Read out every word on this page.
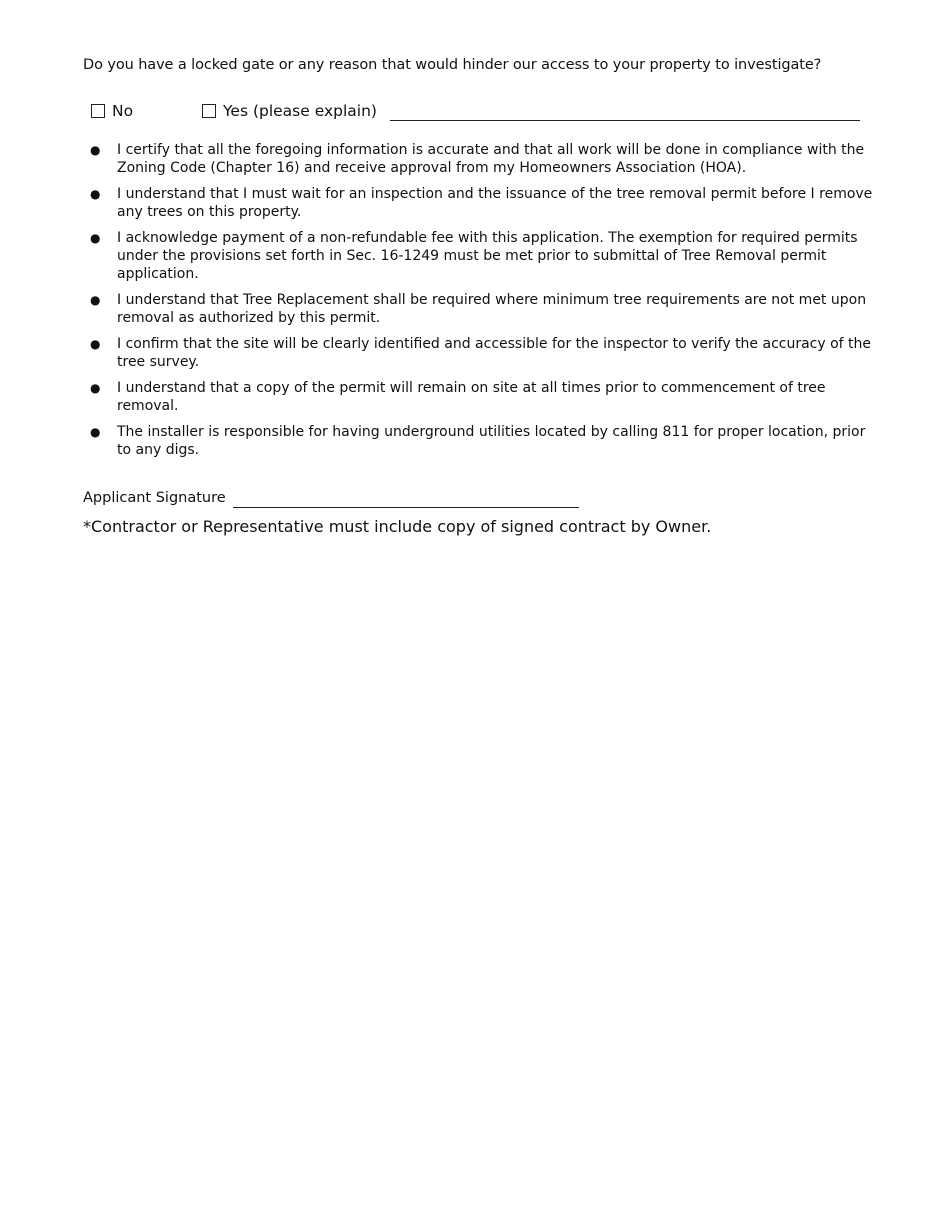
Do you have a locked gate or any reason that would hinder our access to your property to investigate?
No	Yes (please explain)
● I certify that all the foregoing information is accurate and that all work will be done in compliance with the Zoning Code (Chapter 16) and receive approval from my Homeowners Association (HOA).
● I understand that I must wait for an inspection and the issuance of the tree removal permit before I remove any trees on this property.
● I acknowledge payment of a non-refundable fee with this application. The exemption for required permits under the provisions set forth in Sec. 16-1249 must be met prior to submittal of Tree Removal permit application.
● I understand that Tree Replacement shall be required where minimum tree requirements are not met upon removal as authorized by this permit.
● I confirm that the site will be clearly identified and accessible for the inspector to verify the accuracy of the tree survey.
● I understand that a copy of the permit will remain on site at all times prior to commencement of tree removal.
● The installer is responsible for having underground utilities located by calling 811 for proper location, prior to any digs.
Applicant Signature
*Contractor or Representative must include copy of signed contract by Owner.
